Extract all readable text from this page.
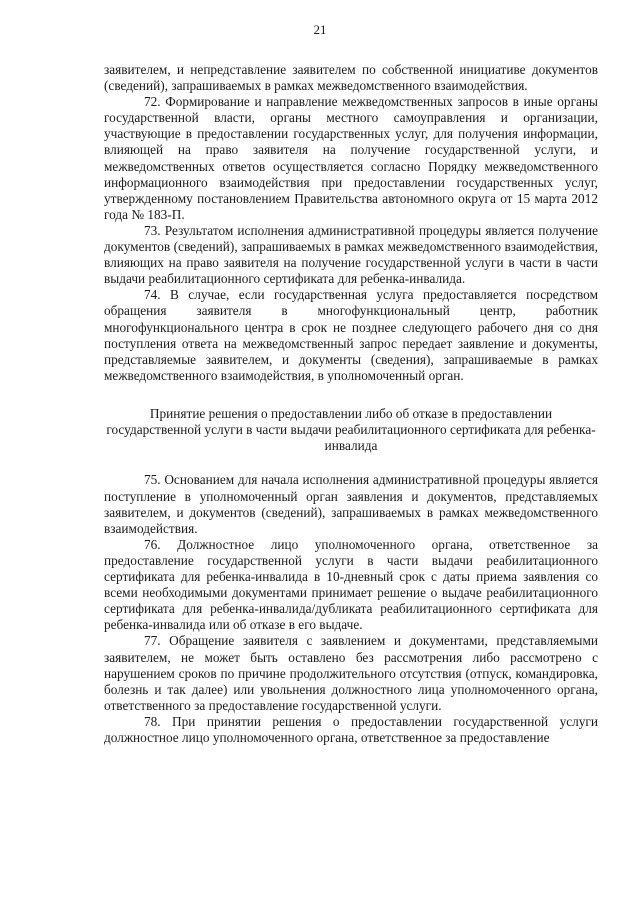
21

заявителем, и непредставление заявителем по собственной инициативе документов (сведений), запрашиваемых в рамках межведомственного взаимодействия.

72. Формирование и направление межведомственных запросов в иные органы государственной власти, органы местного самоуправления и организации, участвующие в предоставлении государственных услуг, для получения информации, влияющей на право заявителя на получение государственной услуги, и межведомственных ответов осуществляется согласно Порядку межведомственного информационного взаимодействия при предоставлении государственных услуг, утвержденному постановлением Правительства автономного округа от 15 марта 2012 года № 183-П.

73. Результатом исполнения административной процедуры является получение документов (сведений), запрашиваемых в рамках межведомственного взаимодействия, влияющих на право заявителя на получение государственной услуги в части в части выдачи реабилитационного сертификата для ребенка-инвалида.

74. В случае, если государственная услуга предоставляется посредством обращения заявителя в многофункциональный центр, работник многофункционального центра в срок не позднее следующего рабочего дня со дня поступления ответа на межведомственный запрос передает заявление и документы, представляемые заявителем, и документы (сведения), запрашиваемые в рамках межведомственного взаимодействия, в уполномоченный орган.

Принятие решения о предоставлении либо об отказе в предоставлении государственной услуги в части выдачи реабилитационного сертификата для ребенка-инвалида

75. Основанием для начала исполнения административной процедуры является поступление в уполномоченный орган заявления и документов, представляемых заявителем, и документов (сведений), запрашиваемых в рамках межведомственного взаимодействия.

76. Должностное лицо уполномоченного органа, ответственное за предоставление государственной услуги в части выдачи реабилитационного сертификата для ребенка-инвалида в 10-дневный срок с даты приема заявления со всеми необходимыми документами принимает решение о выдаче реабилитационного сертификата для ребенка-инвалида/дубликата реабилитационного сертификата для ребенка-инвалида или об отказе в его выдаче.

77. Обращение заявителя с заявлением и документами, представляемыми заявителем, не может быть оставлено без рассмотрения либо рассмотрено с нарушением сроков по причине продолжительного отсутствия (отпуск, командировка, болезнь и так далее) или увольнения должностного лица уполномоченного органа, ответственного за предоставление государственной услуги.

78. При принятии решения о предоставлении государственной услуги должностное лицо уполномоченного органа, ответственное за предоставление
